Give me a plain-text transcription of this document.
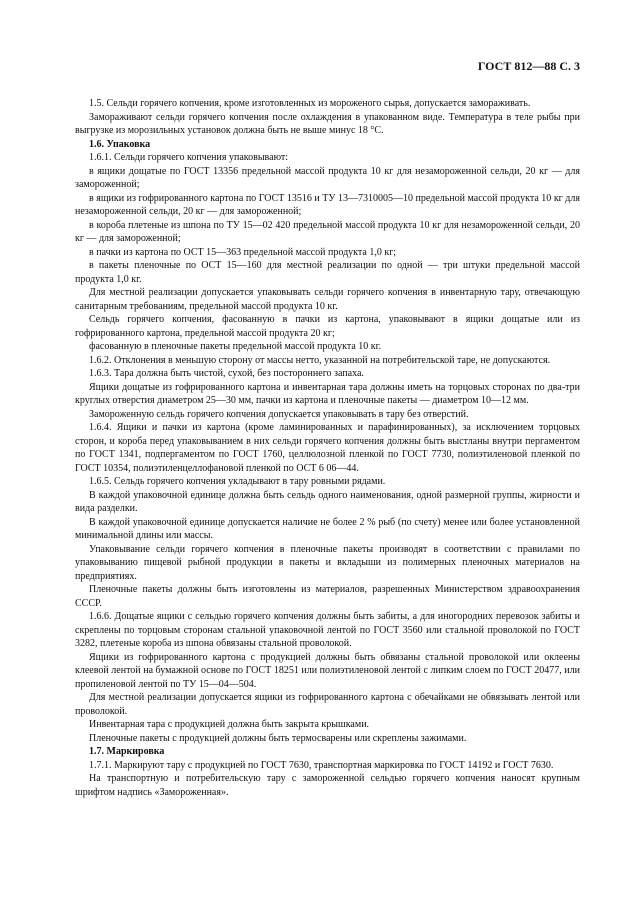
ГОСТ 812—88 С. 3

1.5. Сельди горячего копчения, кроме изготовленных из мороженого сырья, допускается замораживать.

Замораживают сельди горячего копчения после охлаждения в упакованном виде. Температура в теле рыбы при выгрузке из морозильных установок должна быть не выше минус 18 °С.

1.6. Упаковка

1.6.1. Сельди горячего копчения упаковывают:

в ящики дощатые по ГОСТ 13356 предельной массой продукта 10 кг для незамороженной сельди, 20 кг — для замороженной;

в ящики из гофрированного картона по ГОСТ 13516 и ТУ 13—7310005—10 предельной массой продукта 10 кг для незамороженной сельди, 20 кг — для замороженной;

в короба плетеные из шпона по ТУ 15—02 420 предельной массой продукта 10 кг для незамороженной сельди, 20 кг — для замороженной;

в пачки из картона по ОСТ 15—363 предельной массой продукта 1,0 кг;

в пакеты пленочные по ОСТ 15—160 для местной реализации по одной — три штуки предельной массой продукта 1,0 кг.

Для местной реализации допускается упаковывать сельди горячего копчения в инвентарную тару, отвечающую санитарным требованиям, предельной массой продукта 10 кг.

Сельдь горячего копчения, фасованную в пачки из картона, упаковывают в ящики дощатые или из гофрированного картона, предельной массой продукта 20 кг;

фасованную в пленочные пакеты предельной массой продукта 10 кг.

1.6.2. Отклонения в меньшую сторону от массы нетто, указанной на потребительской таре, не допускаются.

1.6.3. Тара должна быть чистой, сухой, без постороннего запаха.

Ящики дощатые из гофрированного картона и инвентарная тара должны иметь на торцовых сторонах по два-три круглых отверстия диаметром 25—30 мм, пачки из картона и пленочные пакеты — диаметром 10—12 мм.

Замороженную сельдь горячего копчения допускается упаковывать в тару без отверстий.

1.6.4. Ящики и пачки из картона (кроме ламинированных и парафинированных), за исключением торцовых сторон, и короба перед упаковыванием в них сельди горячего копчения должны быть выстланы внутри пергаментом по ГОСТ 1341, подпергаментом по ГОСТ 1760, целлюлозной пленкой по ГОСТ 7730, полиэтиленовой пленкой по ГОСТ 10354, полиэтиленцеллофановой пленкой по ОСТ 6 06—44.

1.6.5. Сельдь горячего копчения укладывают в тару ровными рядами.

В каждой упаковочной единице должна быть сельдь одного наименования, одной размерной группы, жирности и вида разделки.

В каждой упаковочной единице допускается наличие не более 2 % рыб (по счету) менее или более установленной минимальной длины или массы.

Упаковывание сельди горячего копчения в пленочные пакеты производят в соответствии с правилами по упаковыванию пищевой рыбной продукции в пакеты и вкладыши из полимерных пленочных материалов на предприятиях.

Пленочные пакеты должны быть изготовлены из материалов, разрешенных Министерством здравоохранения СССР.

1.6.6. Дощатые ящики с сельдью горячего копчения должны быть забиты, а для иногородних перевозок забиты и скреплены по торцовым сторонам стальной упаковочной лентой по ГОСТ 3560 или стальной проволокой по ГОСТ 3282, плетеные короба из шпона обвязаны стальной проволокой.

Ящики из гофрированного картона с продукцией должны быть обвязаны стальной проволокой или оклеены клеевой лентой на бумажной основе по ГОСТ 18251 или полиэтиленовой лентой с липким слоем по ГОСТ 20477, или пропиленовой лентой по ТУ 15—04—504.

Для местной реализации допускается ящики из гофрированного картона с обечайками не обвязывать лентой или проволокой.

Инвентарная тара с продукцией должна быть закрыта крышками.

Пленочные пакеты с продукцией должны быть термосварены или скреплены зажимами.

1.7. Маркировка

1.7.1. Маркируют тару с продукцией по ГОСТ 7630, транспортная маркировка по ГОСТ 14192 и ГОСТ 7630.

На транспортную и потребительскую тару с замороженной сельдью горячего копчения наносят крупным шрифтом надпись «Замороженная».
